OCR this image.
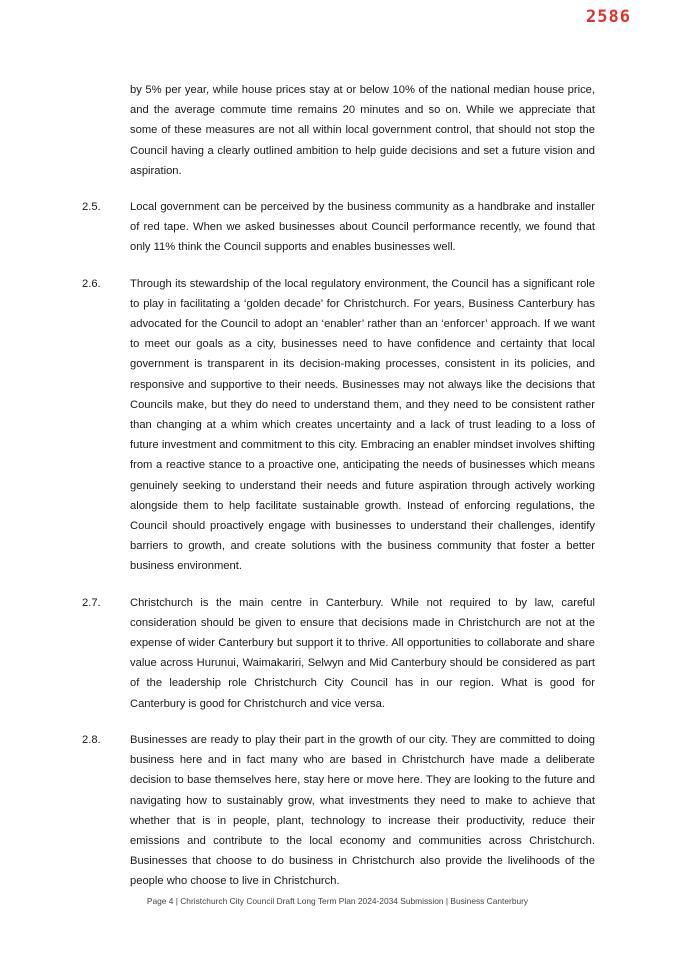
2586

by 5% per year, while house prices stay at or below 10% of the national median house price, and the average commute time remains 20 minutes and so on. While we appreciate that some of these measures are not all within local government control, that should not stop the Council having a clearly outlined ambition to help guide decisions and set a future vision and aspiration.

2.5.	Local government can be perceived by the business community as a handbrake and installer of red tape. When we asked businesses about Council performance recently, we found that only 11% think the Council supports and enables businesses well.

2.6.	Through its stewardship of the local regulatory environment, the Council has a significant role to play in facilitating a ‘golden decade’ for Christchurch. For years, Business Canterbury has advocated for the Council to adopt an ‘enabler’ rather than an ‘enforcer’ approach. If we want to meet our goals as a city, businesses need to have confidence and certainty that local government is transparent in its decision-making processes, consistent in its policies, and responsive and supportive to their needs. Businesses may not always like the decisions that Councils make, but they do need to understand them, and they need to be consistent rather than changing at a whim which creates uncertainty and a lack of trust leading to a loss of future investment and commitment to this city. Embracing an enabler mindset involves shifting from a reactive stance to a proactive one, anticipating the needs of businesses which means genuinely seeking to understand their needs and future aspiration through actively working alongside them to help facilitate sustainable growth. Instead of enforcing regulations, the Council should proactively engage with businesses to understand their challenges, identify barriers to growth, and create solutions with the business community that foster a better business environment.

2.7.	Christchurch is the main centre in Canterbury. While not required to by law, careful consideration should be given to ensure that decisions made in Christchurch are not at the expense of wider Canterbury but support it to thrive. All opportunities to collaborate and share value across Hurunui, Waimakariri, Selwyn and Mid Canterbury should be considered as part of the leadership role Christchurch City Council has in our region. What is good for Canterbury is good for Christchurch and vice versa.

2.8.	Businesses are ready to play their part in the growth of our city. They are committed to doing business here and in fact many who are based in Christchurch have made a deliberate decision to base themselves here, stay here or move here. They are looking to the future and navigating how to sustainably grow, what investments they need to make to achieve that whether that is in people, plant, technology to increase their productivity, reduce their emissions and contribute to the local economy and communities across Christchurch. Businesses that choose to do business in Christchurch also provide the livelihoods of the people who choose to live in Christchurch.

Page 4 | Christchurch City Council Draft Long Term Plan 2024-2034 Submission | Business Canterbury
